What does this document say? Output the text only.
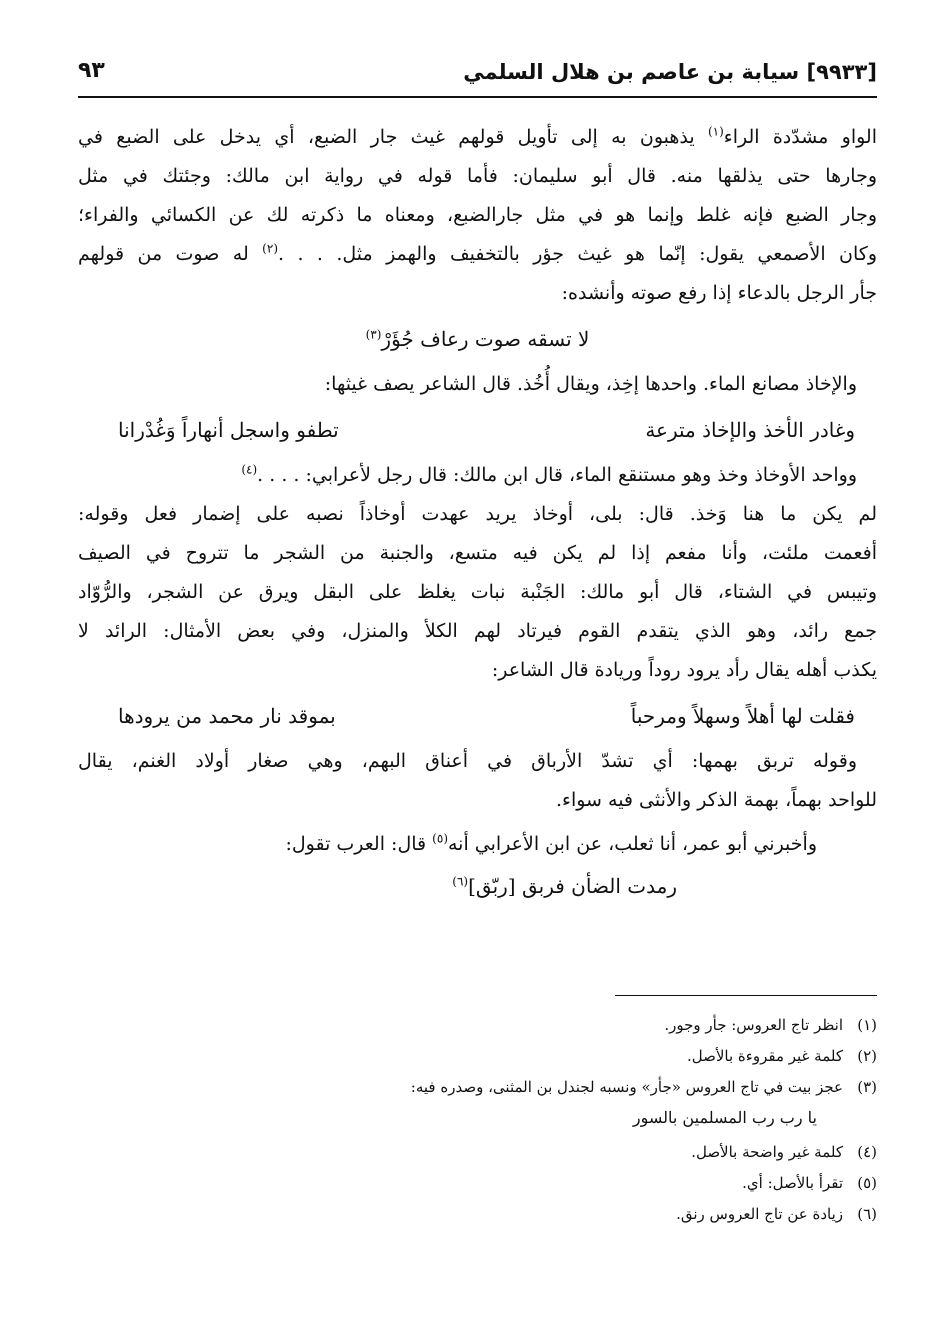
[٩٩٣٣] سيابة بن عاصم بن هلال السلمي
٩٣
الواو مشدّدة الراء$^{(١)}$ يذهبون به إلى تأويل قولهم غيث جار الضبع، أي يدخل على الضبع في
وجارها حتى يذلقها منه. قال أبو سليمان: فأما قوله في رواية ابن مالك: وجئتك في مثل
وجار الضبع فإنه غلط وإنما هو في مثل جارالضبع، ومعناه ما ذكرته لك عن الكسائي والفراء؛
وكان الأصمعي يقول: إنّما هو غيث جؤر بالتخفيف والهمز مثل. . . .$^{(٢)}$ له صوت من قولهم
جأر الرجل بالدعاء إذا رفع صوته وأنشده:
لا تسقه صوت رعاف جُؤَرْ$^{(٣)}$
والإخاذ مصانع الماء. واحدها إخِذ، ويقال أُخُذ. قال الشاعر يصف غيثها:
وغادر الأخذ والإخاذ مترعة
تطفو واسجل أنهاراً وَغُدْرانا
وواحد الأوخاذ وخذ وهو مستنقع الماء، قال ابن مالك: قال رجل لأعرابي: . . . .$^{(٤)}$
لم يكن ما هنا وَخذ. قال: بلى، أوخاذ يريد عهدت أوخاذاً نصبه على إضمار فعل وقوله:
أفعمت ملئت، وأنا مفعم إذا لم يكن فيه متسع، والجنبة من الشجر ما تتروح في الصيف
وتيبس في الشتاء، قال أبو مالك: الجَنْبة نبات يغلظ على البقل ويرق عن الشجر، والرُّوّاد
جمع رائد، وهو الذي يتقدم القوم فيرتاد لهم الكلأ والمنزل، وفي بعض الأمثال: الرائد لا
يكذب أهله يقال رأد يرود روداً وريادة قال الشاعر:
فقلت لها أهلاً وسهلاً ومرحباً
بموقد نار محمد من يرودها
وقوله تربق بهمها: أي تشدّ الأرباق في أعناق البهم، وهي صغار أولاد الغنم، يقال
للواحد بهماً، بهمة الذكر والأنثى فيه سواء.
وأخبرني أبو عمر، أنا ثعلب، عن ابن الأعرابي أنه$^{(٥)}$ قال: العرب تقول:
رمدت الضأن فربق [ربّق]$^{(٦)}$
(١)انظر تاج العروس: جأر وجور.
(٢)كلمة غير مقروءة بالأصل.
(٣)عجز بيت في تاج العروس «جأر» ونسبه لجندل بن المثنى، وصدره فيه:
يا رب رب المسلمين بالسور
(٤)كلمة غير واضحة بالأصل.
(٥)تقرأ بالأصل: أي.
(٦)زيادة عن تاج العروس رنق.
